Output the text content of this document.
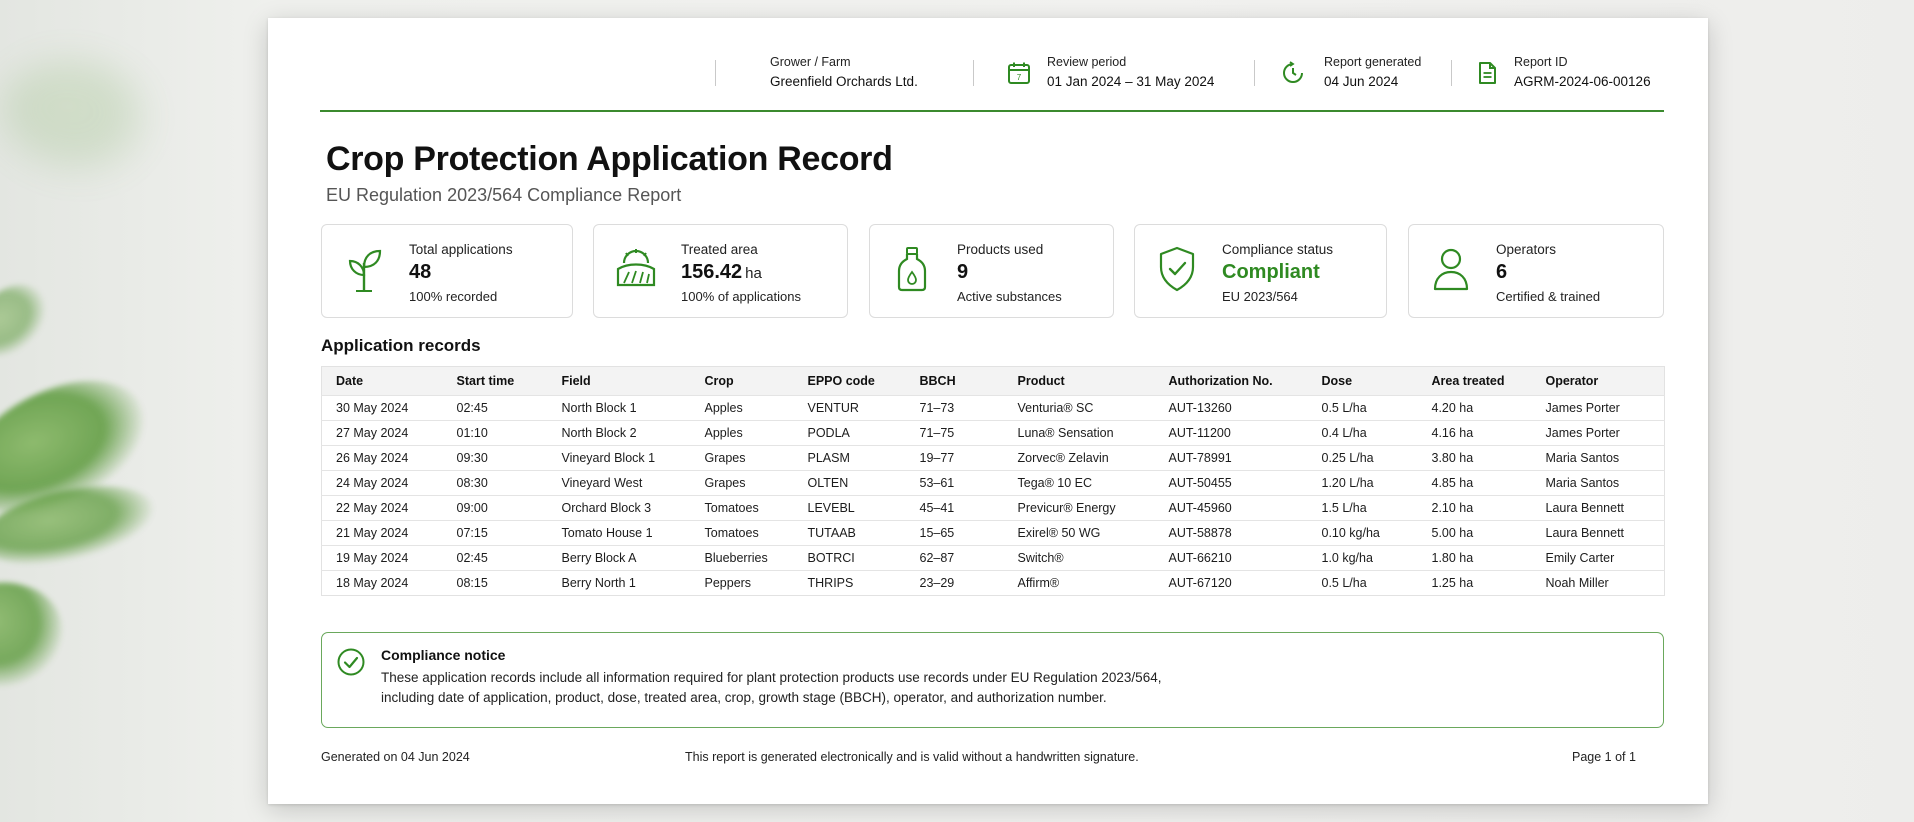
Grower / Farm
Greenfield Orchards Ltd.	7
Review period
01 Jan 2024 – 31 May 2024
Report generated
04 Jun 2024
Report ID
AGRM-2024-06-00126
Crop Protection Application Record
EU Regulation 2023/564 Compliance Report
Total applications
48
100% recorded
Treated area
156.42 ha
100% of applications
Products used
9
Active substances
Compliance status
Compliant
EU 2023/564
Operators
6
Certified & trained
Application records
Date	Start time	Field	Crop	EPPO code	BBCH	Product	Authorization No.	Dose	Area treated	Operator
30 May 2024	02:45	North Block 1	Apples	VENTUR	71–73	Venturia® SC	AUT-13260	0.5 L/ha	4.20 ha	James Porter
27 May 2024	01:10	North Block 2	Apples	PODLA	71–75	Luna® Sensation	AUT-11200	0.4 L/ha	4.16 ha	James Porter
26 May 2024	09:30	Vineyard Block 1	Grapes	PLASM	19–77	Zorvec® Zelavin	AUT-78991	0.25 L/ha	3.80 ha	Maria Santos
24 May 2024	08:30	Vineyard West	Grapes	OLTEN	53–61	Tega® 10 EC	AUT-50455	1.20 L/ha	4.85 ha	Maria Santos
22 May 2024	09:00	Orchard Block 3	Tomatoes	LEVEBL	45–41	Previcur® Energy	AUT-45960	1.5 L/ha	2.10 ha	Laura Bennett
21 May 2024	07:15	Tomato House 1	Tomatoes	TUTAAB	15–65	Exirel® 50 WG	AUT-58878	0.10 kg/ha	5.00 ha	Laura Bennett
19 May 2024	02:45	Berry Block A	Blueberries	BOTRCI	62–87	Switch®	AUT-66210	1.0 kg/ha	1.80 ha	Emily Carter
18 May 2024	08:15	Berry North 1	Peppers	THRIPS	23–29	Affirm®	AUT-67120	0.5 L/ha	1.25 ha	Noah Miller
Compliance notice
These application records include all information required for plant protection products use records under EU Regulation 2023/564,
including date of application, product, dose, treated area, crop, growth stage (BBCH), operator, and authorization number.
Generated on 04 Jun 2024	This report is generated electronically and is valid without a handwritten signature.	Page 1 of 1
